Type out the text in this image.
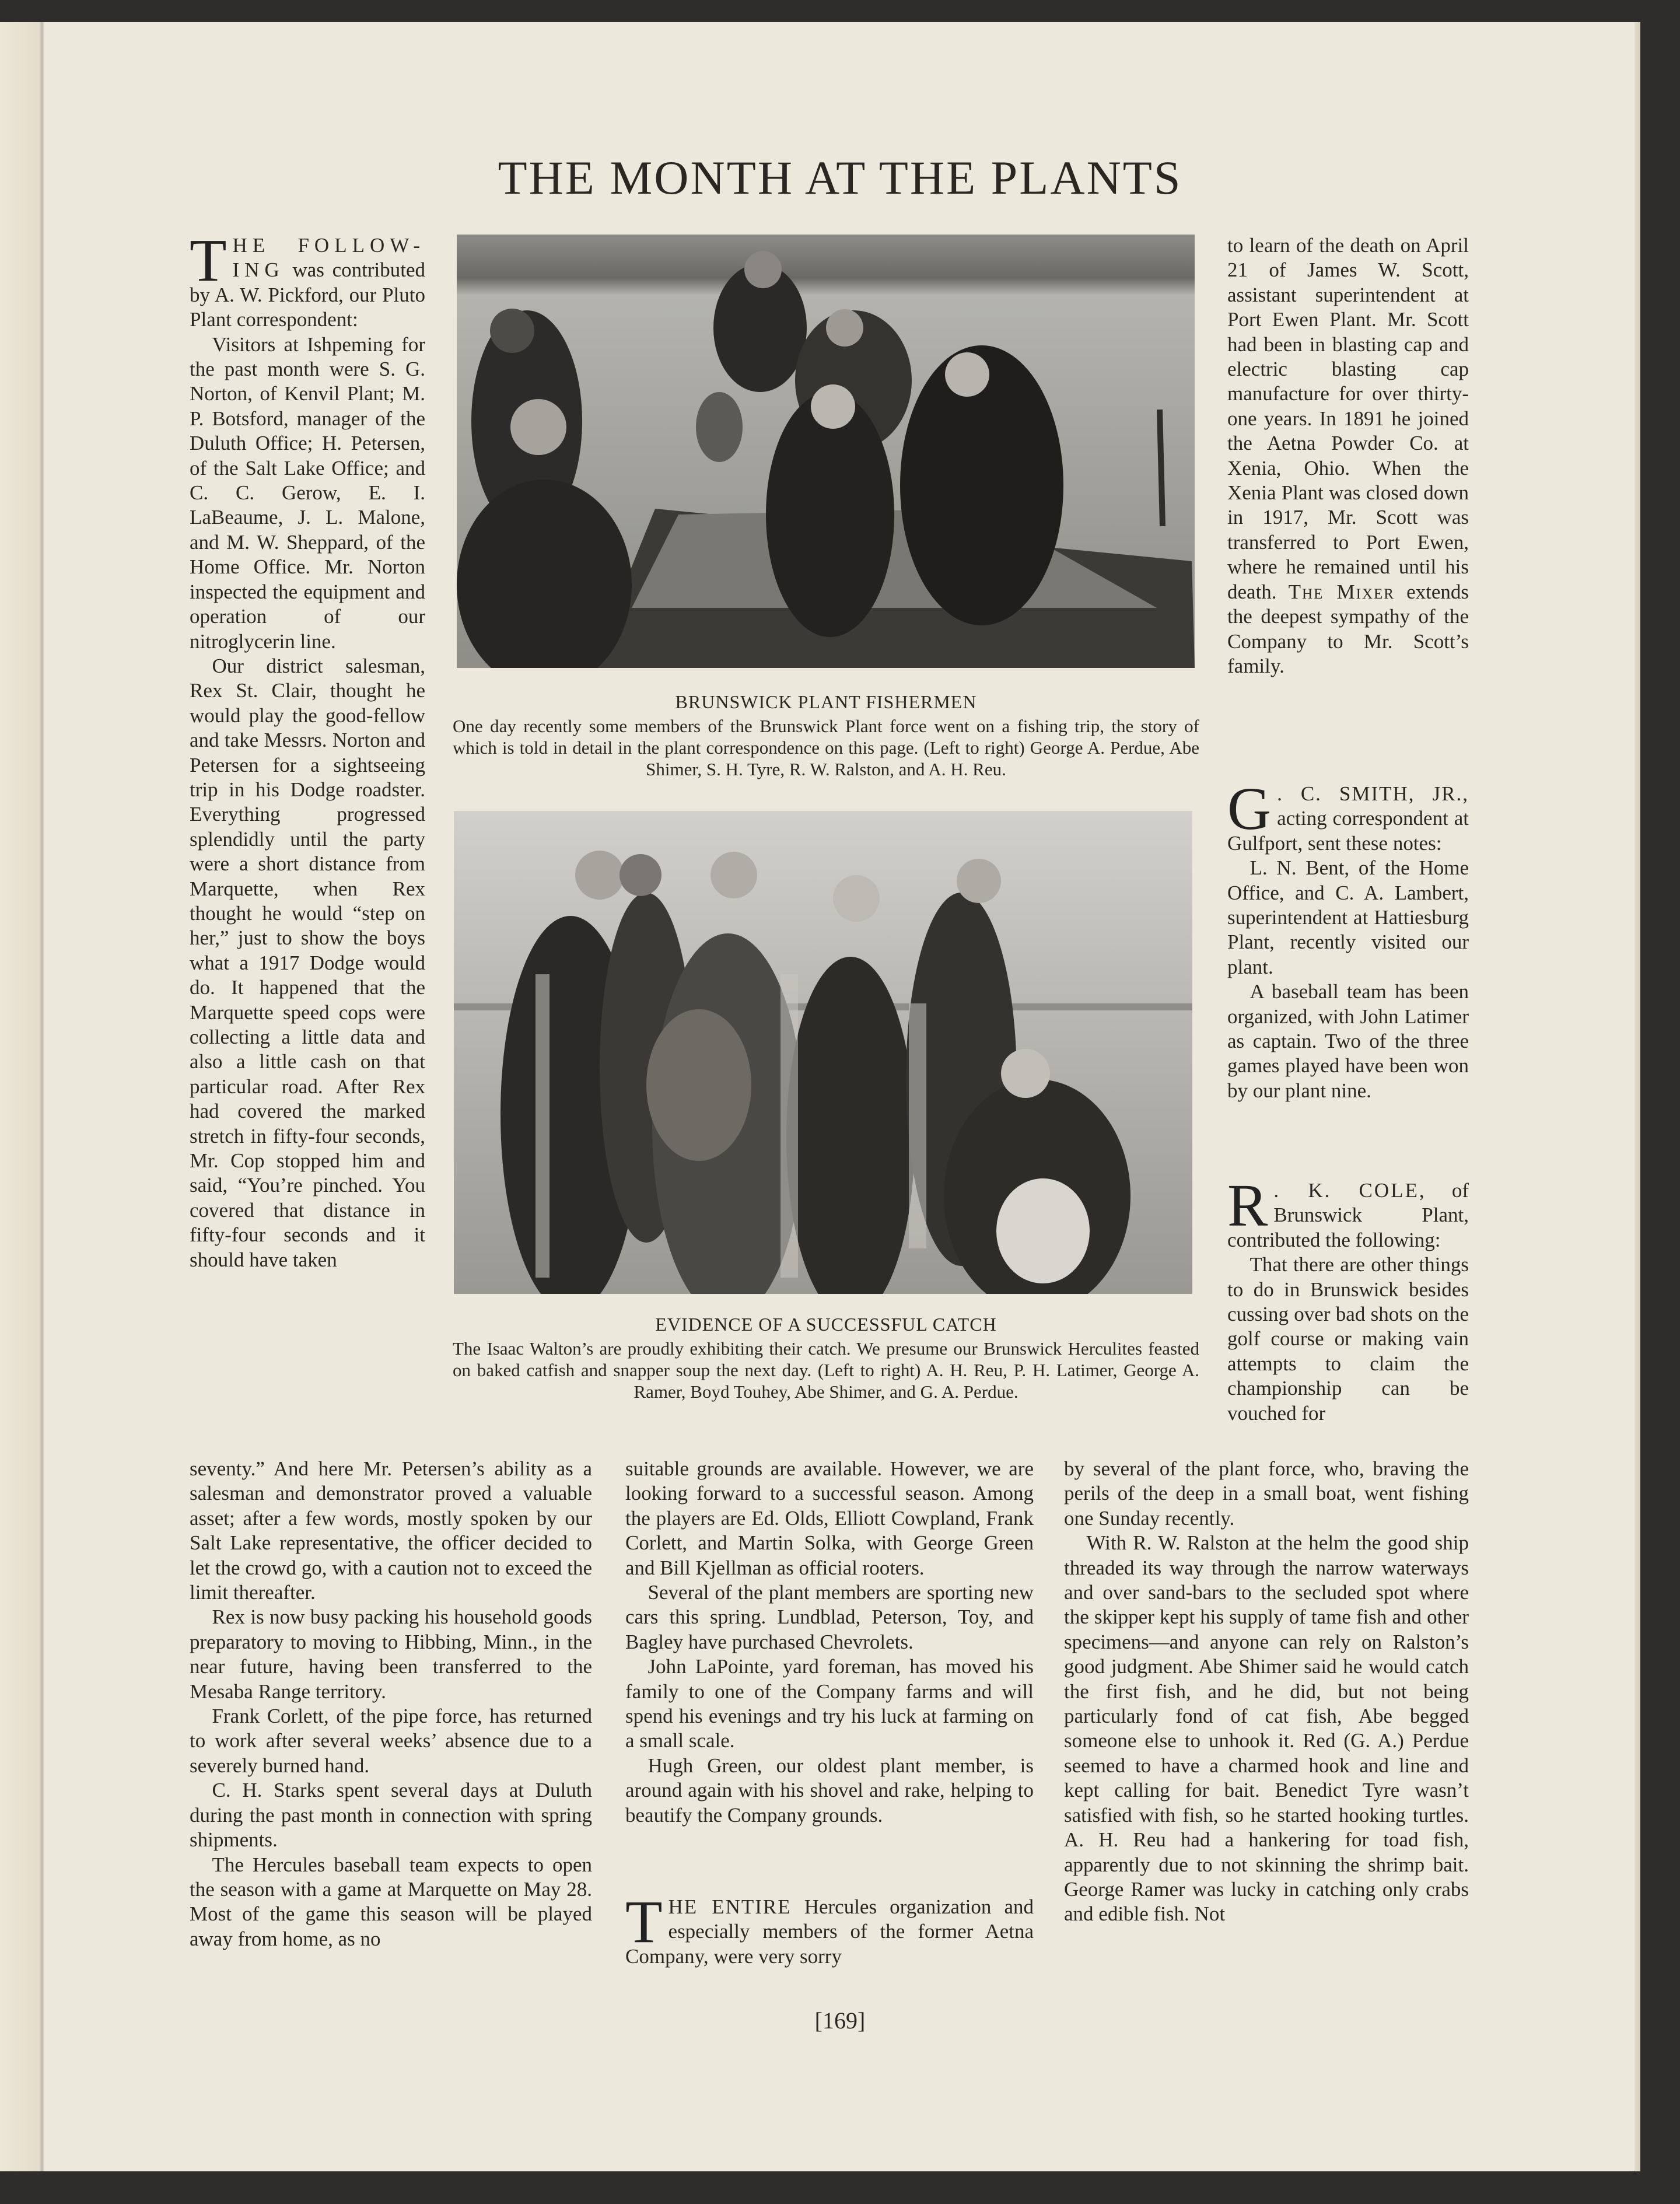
THE MONTH AT THE PLANTS

THE FOLLOW-ING was contributed by A. W. Pickford, our Pluto Plant correspondent:

Visitors at Ishpeming for the past month were S. G. Norton, of Kenvil Plant; M. P. Botsford, manager of the Duluth Office; H. Petersen, of the Salt Lake Office; and C. C. Gerow, E. I. LaBeaume, J. L. Malone, and M. W. Sheppard, of the Home Office. Mr. Norton inspected the equipment and operation of our nitroglycerin line.

Our district salesman, Rex St. Clair, thought he would play the good-fellow and take Messrs. Norton and Petersen for a sightseeing trip in his Dodge roadster. Everything progressed splendidly until the party were a short distance from Marquette, when Rex thought he would “step on her,” just to show the boys what a 1917 Dodge would do. It happened that the Marquette speed cops were collecting a little data and also a little cash on that particular road. After Rex had covered the marked stretch in fifty-four seconds, Mr. Cop stopped him and said, “You’re pinched. You covered that distance in fifty-four seconds and it should have taken

seventy.” And here Mr. Petersen’s ability as a salesman and demonstrator proved a valuable asset; after a few words, mostly spoken by our Salt Lake representative, the officer decided to let the crowd go, with a caution not to exceed the limit thereafter.

Rex is now busy packing his household goods preparatory to moving to Hibbing, Minn., in the near future, having been transferred to the Mesaba Range territory.

Frank Corlett, of the pipe force, has returned to work after several weeks’ absence due to a severely burned hand.

C. H. Starks spent several days at Duluth during the past month in connection with spring shipments.

The Hercules baseball team expects to open the season with a game at Marquette on May 28. Most of the game this season will be played away from home, as no

suitable grounds are available. However, we are looking forward to a successful season. Among the players are Ed. Olds, Elliott Cowpland, Frank Corlett, and Martin Solka, with George Green and Bill Kjellman as official rooters.

Several of the plant members are sporting new cars this spring. Lundblad, Peterson, Toy, and Bagley have purchased Chevrolets.

John LaPointe, yard foreman, has moved his family to one of the Company farms and will spend his evenings and try his luck at farming on a small scale.

Hugh Green, our oldest plant member, is around again with his shovel and rake, helping to beautify the Company grounds.

THE ENTIRE Hercules organization and especially members of the former Aetna Company, were very sorry

to learn of the death on April 21 of James W. Scott, assistant superintendent at Port Ewen Plant. Mr. Scott had been in blasting cap and electric blasting cap manufacture for over thirty-one years. In 1891 he joined the Aetna Powder Co. at Xenia, Ohio. When the Xenia Plant was closed down in 1917, Mr. Scott was transferred to Port Ewen, where he remained until his death. The Mixer extends the deepest sympathy of the Company to Mr. Scott’s family.

G . C. SMITH, JR., acting correspondent at Gulfport, sent these notes:

L. N. Bent, of the Home Office, and C. A. Lambert, superintendent at Hattiesburg Plant, recently visited our plant.

A baseball team has been organized, with John Latimer as captain. Two of the three games played have been won by our plant nine.

R . K. COLE, of Brunswick Plant, contributed the following:

That there are other things to do in Brunswick besides cussing over bad shots on the golf course or making vain attempts to claim the championship can be vouched for

by several of the plant force, who, braving the perils of the deep in a small boat, went fishing one Sunday recently.

With R. W. Ralston at the helm the good ship threaded its way through the narrow waterways and over sand-bars to the secluded spot where the skipper kept his supply of tame fish and other specimens—and anyone can rely on Ralston’s good judgment. Abe Shimer said he would catch the first fish, and he did, but not being particularly fond of cat fish, Abe begged someone else to unhook it. Red (G. A.) Perdue seemed to have a charmed hook and line and kept calling for bait. Benedict Tyre wasn’t satisfied with fish, so he started hooking turtles. A. H. Reu had a hankering for toad fish, apparently due to not skinning the shrimp bait. George Ramer was lucky in catching only crabs and edible fish. Not

BRUNSWICK PLANT FISHERMEN
One day recently some members of the Brunswick Plant force went on a fishing trip, the story of which is told in detail in the plant correspondence on this page. (Left to right) George A. Perdue, Abe Shimer, S. H. Tyre, R. W. Ralston, and A. H. Reu.
EVIDENCE OF A SUCCESSFUL CATCH
The Isaac Walton’s are proudly exhibiting their catch. We presume our Brunswick Herculites feasted on baked catfish and snapper soup the next day. (Left to right) A. H. Reu, P. H. Latimer, George A. Ramer, Boyd Touhey, Abe Shimer, and G. A. Perdue.
[169]
